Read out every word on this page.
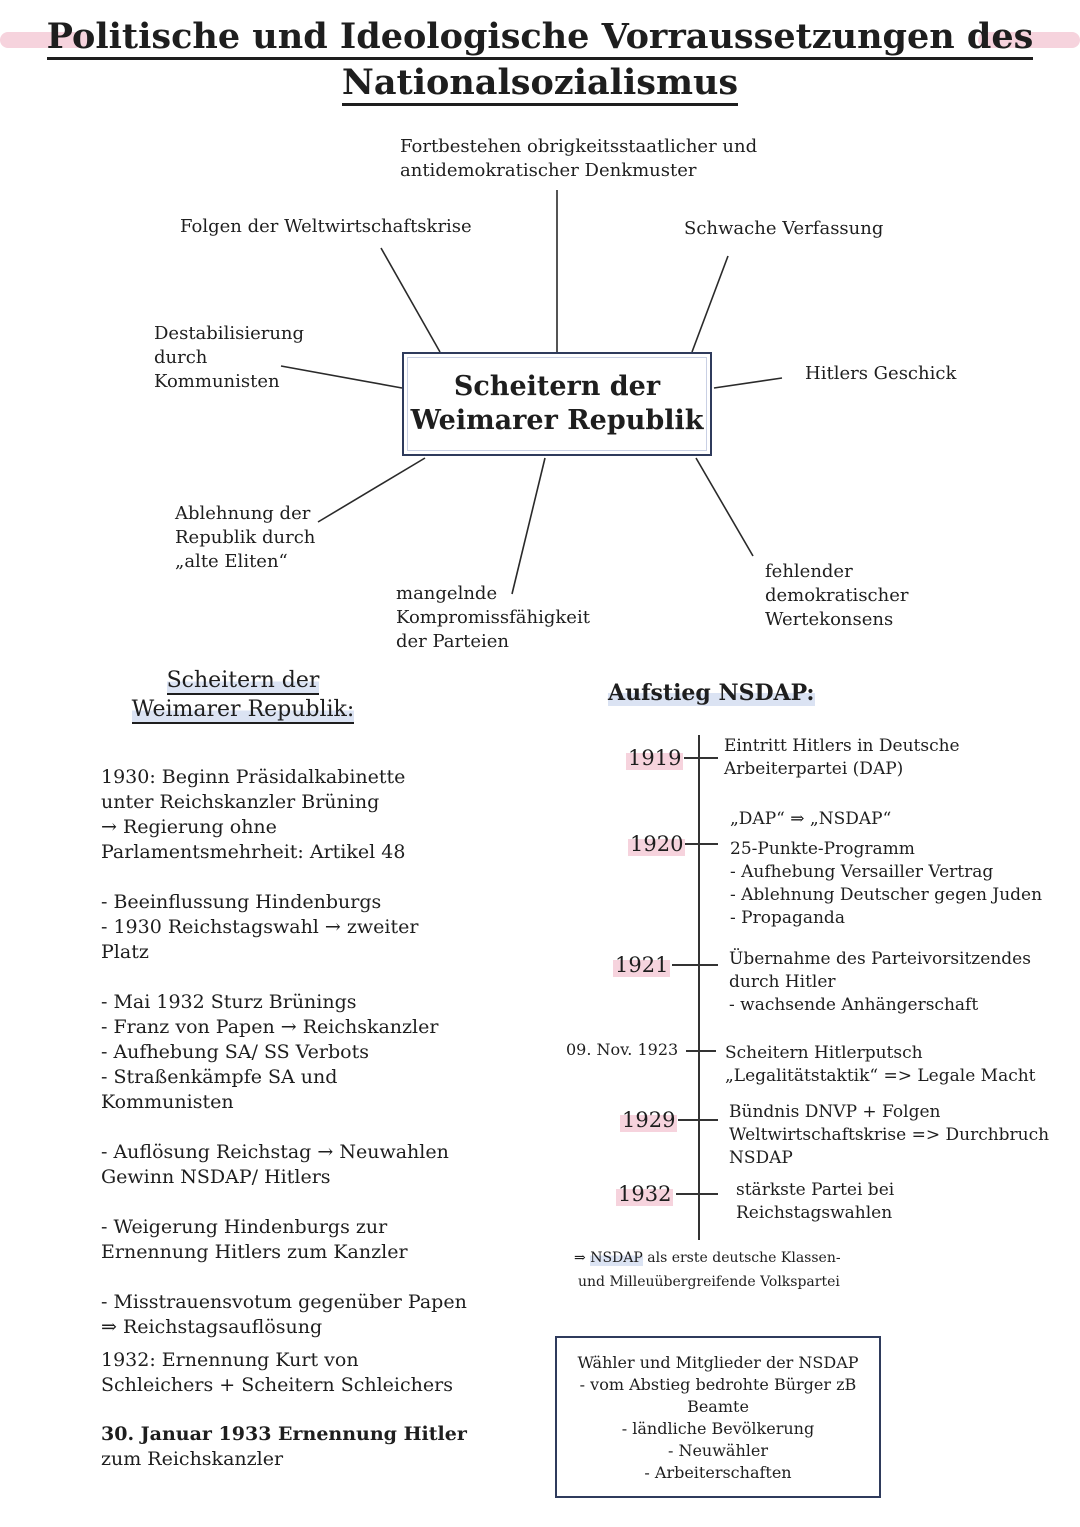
Politische und Ideologische Vorraussetzungen des
Nationalsozialismus
Fortbestehen obrigkeitsstaatlicher und
antidemokratischer Denkmuster
Folgen der Weltwirtschaftskrise	Schwache Verfassung
Destabilisierung
durch
Kommunisten	Hitlers Geschick
Ablehnung der
Republik durch
„alte Eliten“
mangelnde
Kompromissfähigkeit
der Parteien
fehlender
demokratischer
Wertekonsens
Scheitern der
Weimarer Republik
Scheitern der
Weimarer Republik:

1930: Beginn Präsidalkabinette

unter Reichskanzler Brüning

→ Regierung ohne

Parlamentsmehrheit: Artikel 48

- Beeinflussung Hindenburgs

- 1930 Reichstagswahl → zweiter

Platz

- Mai 1932 Sturz Brünings

- Franz von Papen → Reichskanzler

- Aufhebung SA/ SS Verbots

- Straßenkämpfe SA und

Kommunisten

- Auflösung Reichstag → Neuwahlen

Gewinn NSDAP/ Hitlers

- Weigerung Hindenburgs zur

Ernennung Hitlers zum Kanzler

- Misstrauensvotum gegenüber Papen

⇒ Reichstagsauflösung

1932: Ernennung Kurt von

Schleichers + Scheitern Schleichers

30. Januar 1933 Ernennung Hitler

zum Reichskanzler

Aufstieg NSDAP:
1919
1920
1921
09. Nov. 1923
1929
1932
Eintritt Hitlers in Deutsche
Arbeiterpartei (DAP)
„DAP“ ⇒ „NSDAP“
25-Punkte-Programm
- Aufhebung Versailler Vertrag
- Ablehnung Deutscher gegen Juden
- Propaganda
Übernahme des Parteivorsitzendes
durch Hitler
- wachsende Anhängerschaft
Scheitern Hitlerputsch
„Legalitätstaktik“ => Legale Macht
Bündnis DNVP + Folgen
Weltwirtschaftskrise => Durchbruch
NSDAP
stärkste Partei bei
Reichstagswahlen
⇒ NSDAP als erste deutsche Klassen-
und Milleuübergreifende Volkspartei
Wähler und Mitglieder der NSDAP
- vom Abstieg bedrohte Bürger zB
Beamte
- ländliche Bevölkerung
- Neuwähler
- Arbeiterschaften
